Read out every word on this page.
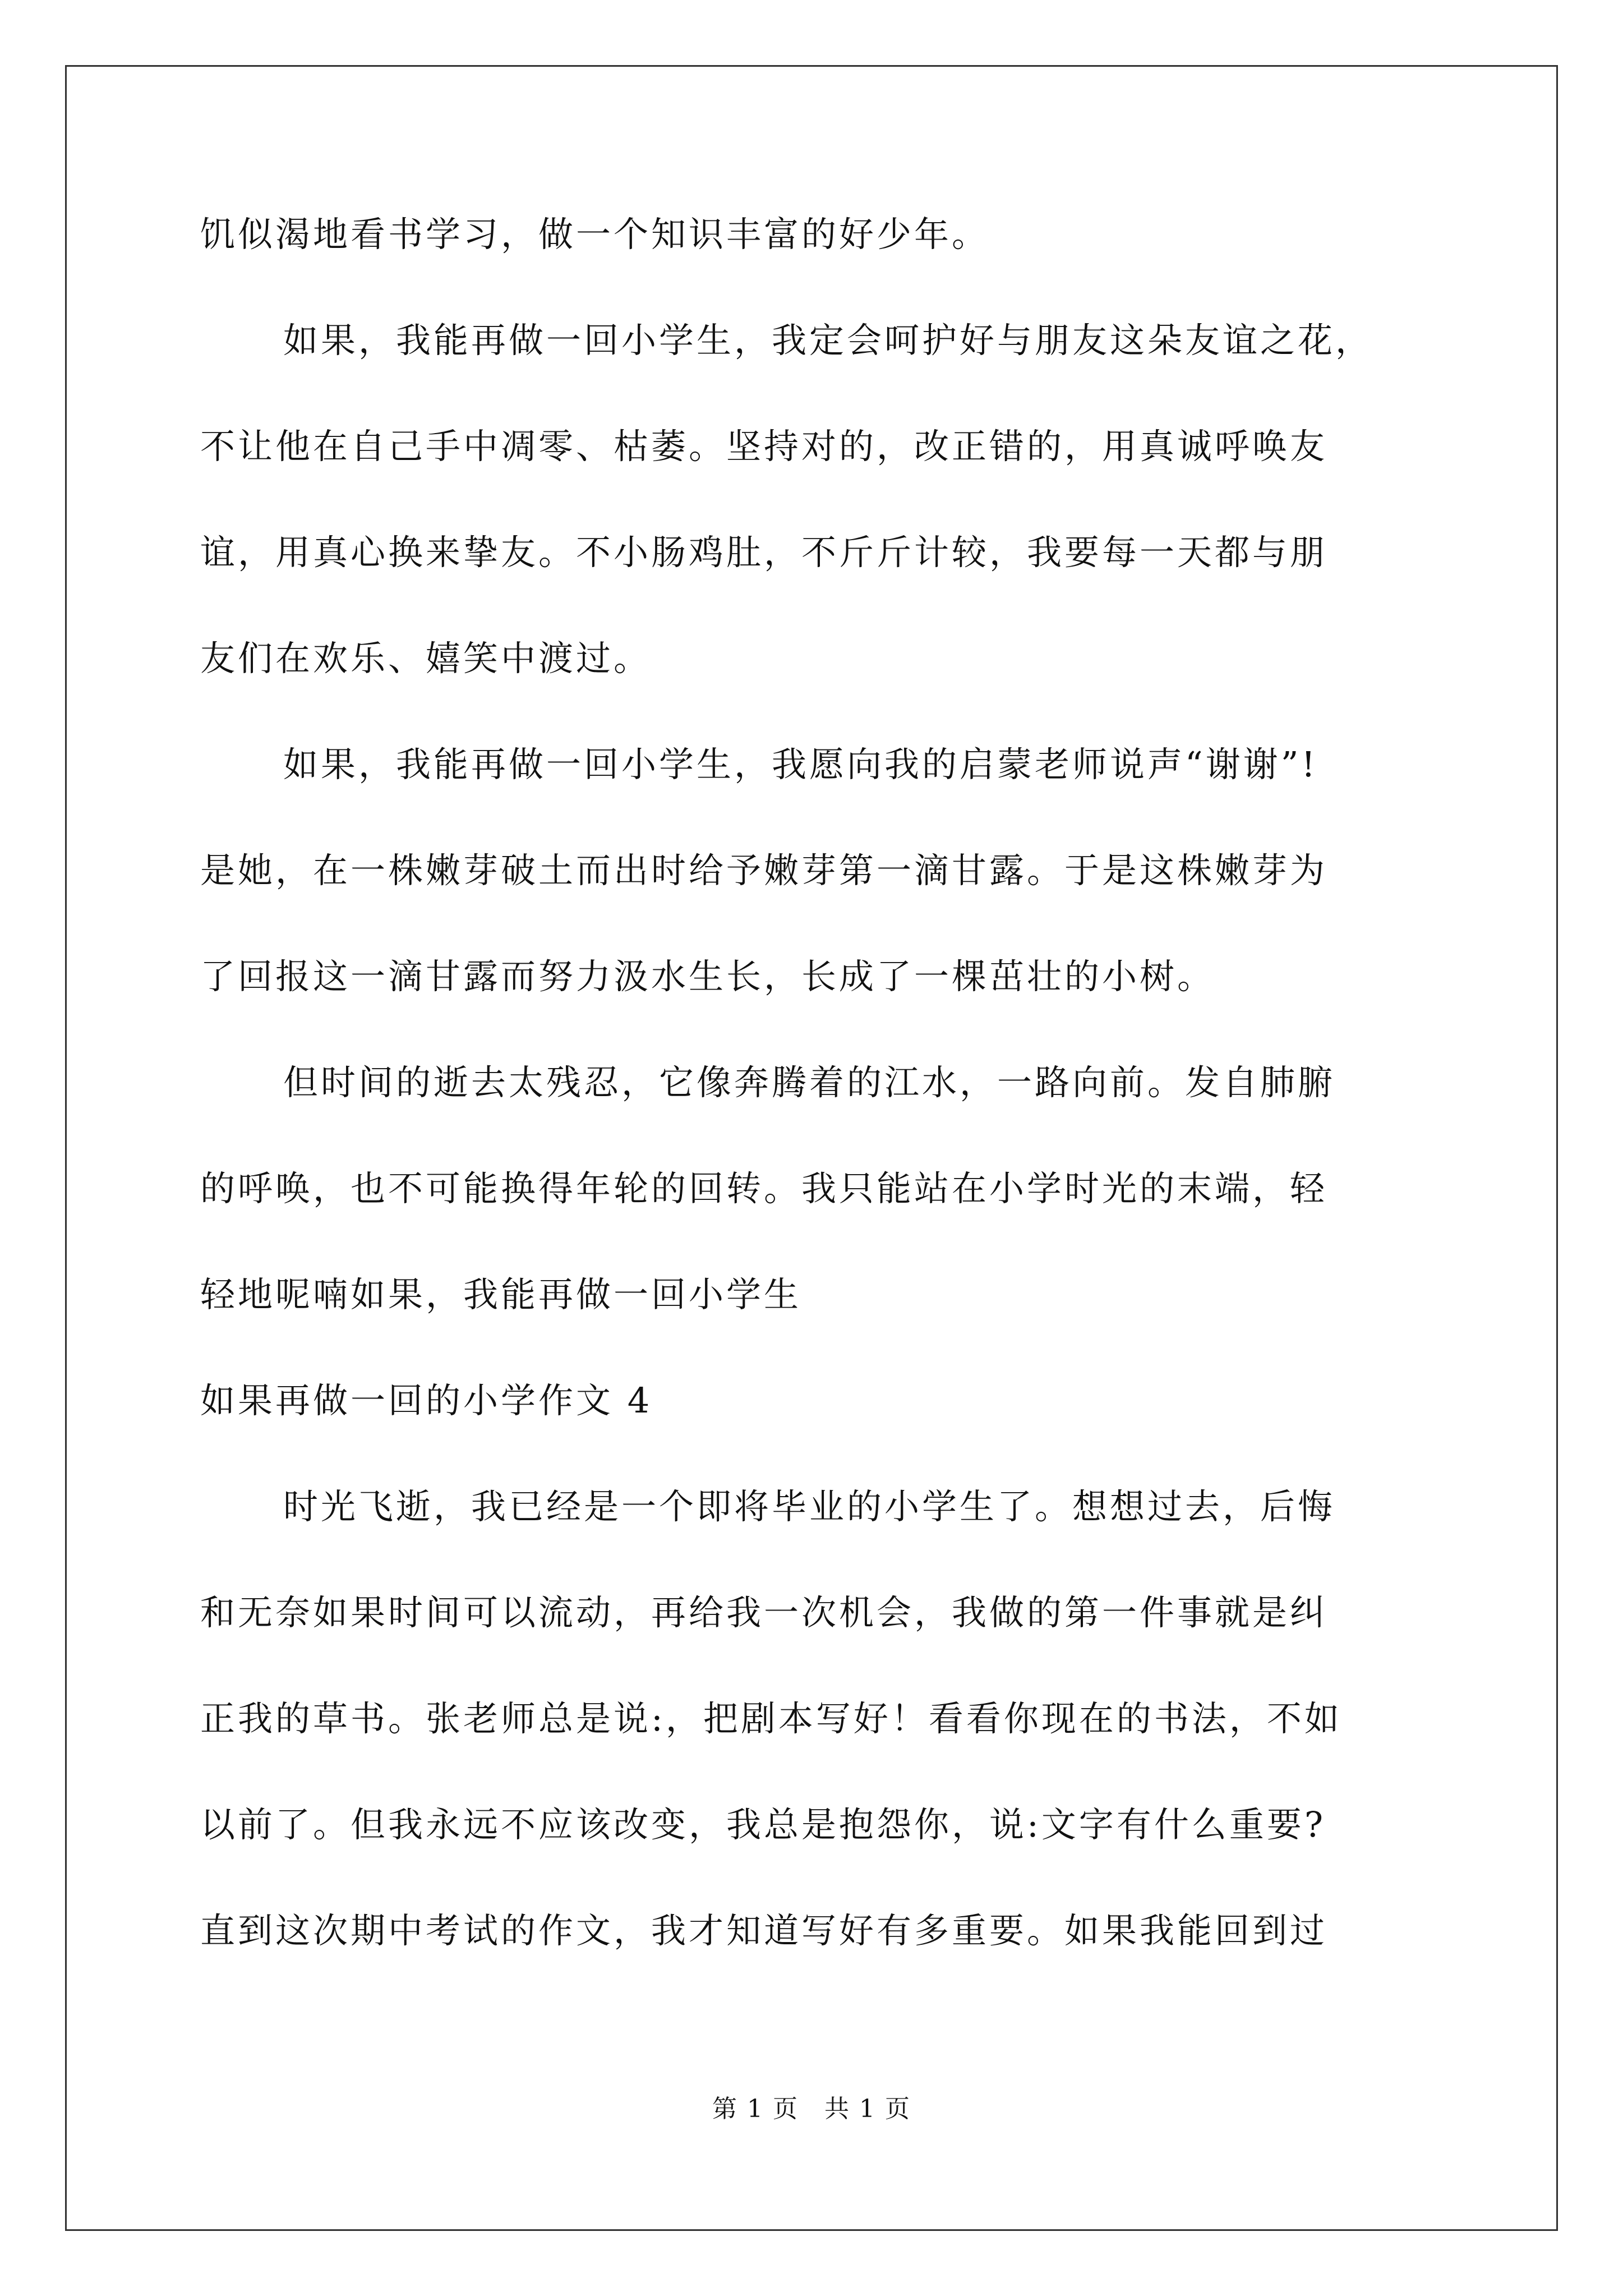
饥似渴地看书学习，做一个知识丰富的好少年。
如果，我能再做一回小学生，我定会呵护好与朋友这朵友谊之花，
不让他在自己手中凋零、枯萎。坚持对的，改正错的，用真诚呼唤友
谊，用真心换来挚友。不小肠鸡肚，不斤斤计较，我要每一天都与朋
友们在欢乐、嬉笑中渡过。
如果，我能再做一回小学生，我愿向我的启蒙老师说声“谢谢”!
是她，在一株嫩芽破土而出时给予嫩芽第一滴甘露。于是这株嫩芽为
了回报这一滴甘露而努力汲水生长，长成了一棵茁壮的小树。
但时间的逝去太残忍，它像奔腾着的江水，一路向前。发自肺腑
的呼唤，也不可能换得年轮的回转。我只能站在小学时光的末端，轻
轻地呢喃如果，我能再做一回小学生
如果再做一回的小学作文 4
时光飞逝，我已经是一个即将毕业的小学生了。想想过去，后悔
和无奈如果时间可以流动，再给我一次机会，我做的第一件事就是纠
正我的草书。张老师总是说:，把剧本写好！看看你现在的书法，不如
以前了。但我永远不应该改变，我总是抱怨你，说:文字有什么重要?
直到这次期中考试的作文，我才知道写好有多重要。如果我能回到过
第 1 页　共 1 页
